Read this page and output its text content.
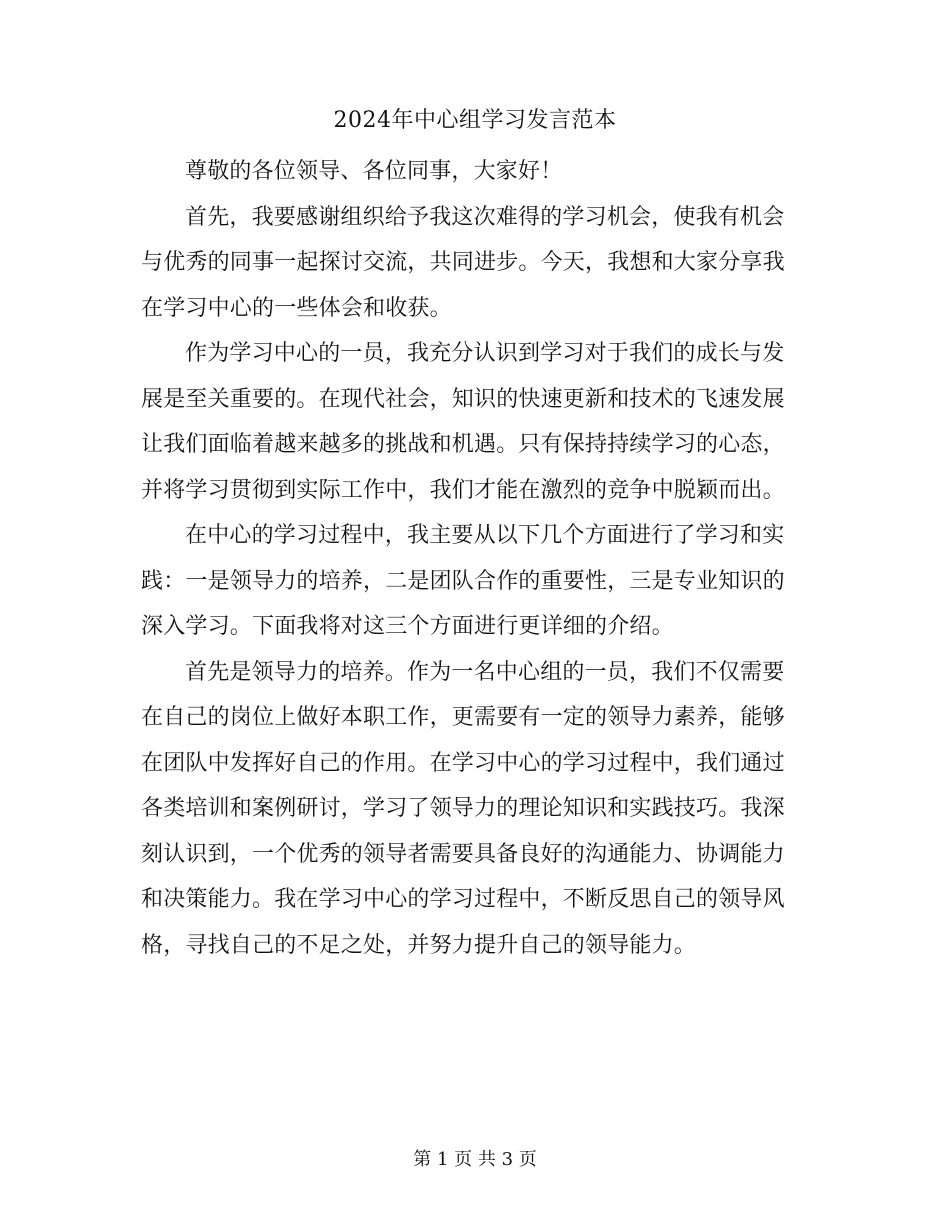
2024年中心组学习发言范本

尊敬的各位领导、各位同事，大家好！

首先，我要感谢组织给予我这次难得的学习机会，使我有机会与优秀的同事一起探讨交流，共同进步。今天，我想和大家分享我在学习中心的一些体会和收获。

作为学习中心的一员，我充分认识到学习对于我们的成长与发展是至关重要的。在现代社会，知识的快速更新和技术的飞速发展让我们面临着越来越多的挑战和机遇。只有保持持续学习的心态，并将学习贯彻到实际工作中，我们才能在激烈的竞争中脱颖而出。

在中心的学习过程中，我主要从以下几个方面进行了学习和实践：一是领导力的培养，二是团队合作的重要性，三是专业知识的深入学习。下面我将对这三个方面进行更详细的介绍。

首先是领导力的培养。作为一名中心组的一员，我们不仅需要在自己的岗位上做好本职工作，更需要有一定的领导力素养，能够在团队中发挥好自己的作用。在学习中心的学习过程中，我们通过各类培训和案例研讨，学习了领导力的理论知识和实践技巧。我深刻认识到，一个优秀的领导者需要具备良好的沟通能力、协调能力和决策能力。我在学习中心的学习过程中，不断反思自己的领导风格，寻找自己的不足之处，并努力提升自己的领导能力。

第 1 页 共 3 页
